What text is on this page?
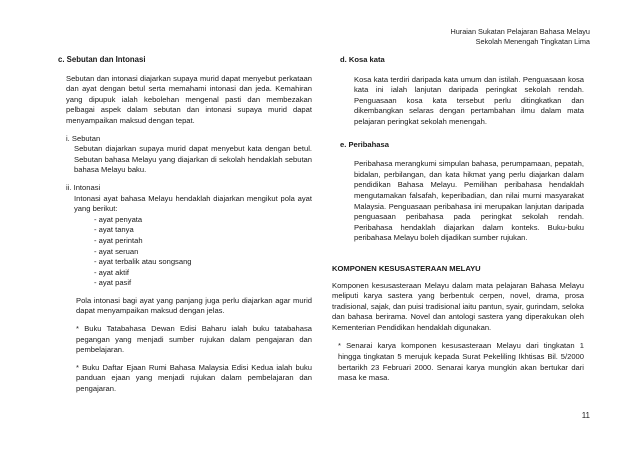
Huraian Sukatan Pelajaran Bahasa Melayu
Sekolah Menengah Tingkatan Lima
c. Sebutan dan Intonasi

Sebutan dan intonasi diajarkan supaya murid dapat menyebut perkataan dan ayat dengan betul serta memahami intonasi dan jeda. Kemahiran yang dipupuk ialah kebolehan mengenal pasti dan membezakan pelbagai aspek dalam sebutan dan intonasi supaya murid dapat menyampaikan maksud dengan tepat.

i. Sebutan

Sebutan diajarkan supaya murid dapat menyebut kata dengan betul. Sebutan bahasa Melayu yang diajarkan di sekolah hendaklah sebutan bahasa Melayu baku.

ii. Intonasi

Intonasi ayat bahasa Melayu hendaklah diajarkan mengikut pola ayat yang berikut:

- ayat penyata
- ayat tanya
- ayat perintah
- ayat seruan
- ayat terbalik atau songsang
- ayat aktif
- ayat pasif

Pola intonasi bagi ayat yang panjang juga perlu diajarkan agar murid dapat menyampaikan maksud dengan jelas.

* Buku Tatabahasa Dewan Edisi Baharu ialah buku tatabahasa pegangan yang menjadi sumber rujukan dalam pengajaran dan pembelajaran.

* Buku Daftar Ejaan Rumi Bahasa Malaysia Edisi Kedua ialah buku panduan ejaan yang menjadi rujukan dalam pembelajaran dan pengajaran.

d. Kosa kata

Kosa kata terdiri daripada kata umum dan istilah. Penguasaan kosa kata ini ialah lanjutan daripada peringkat sekolah rendah. Penguasaan kosa kata tersebut perlu ditingkatkan dan dikembangkan selaras dengan pertambahan ilmu dalam mata pelajaran peringkat sekolah menengah.

e. Peribahasa

Peribahasa merangkumi simpulan bahasa, perumpamaan, pepatah, bidalan, perbilangan, dan kata hikmat yang perlu diajarkan dalam pendidikan Bahasa Melayu. Pemilihan peribahasa hendaklah mengutamakan falsafah, keperibadian, dan nilai murni masyarakat Malaysia. Penguasaan peribahasa ini merupakan lanjutan daripada penguasaan peribahasa pada peringkat sekolah rendah. Peribahasa hendaklah diajarkan dalam konteks. Buku-buku peribahasa Melayu boleh dijadikan sumber rujukan.

KOMPONEN KESUSASTERAAN MELAYU

Komponen kesusasteraan Melayu dalam mata pelajaran Bahasa Melayu meliputi karya sastera yang berbentuk cerpen, novel, drama, prosa tradisional, sajak, dan puisi tradisional iaitu pantun, syair, gurindam, seloka dan bahasa berirama. Novel dan antologi sastera yang diperakukan oleh Kementerian Pendidikan hendaklah digunakan.

* Senarai karya komponen kesusasteraan Melayu dari tingkatan 1 hingga tingkatan 5 merujuk kepada Surat Pekeliling Ikhtisas Bil. 5/2000 bertarikh 23 Februari 2000. Senarai karya mungkin akan bertukar dari masa ke masa.

11
